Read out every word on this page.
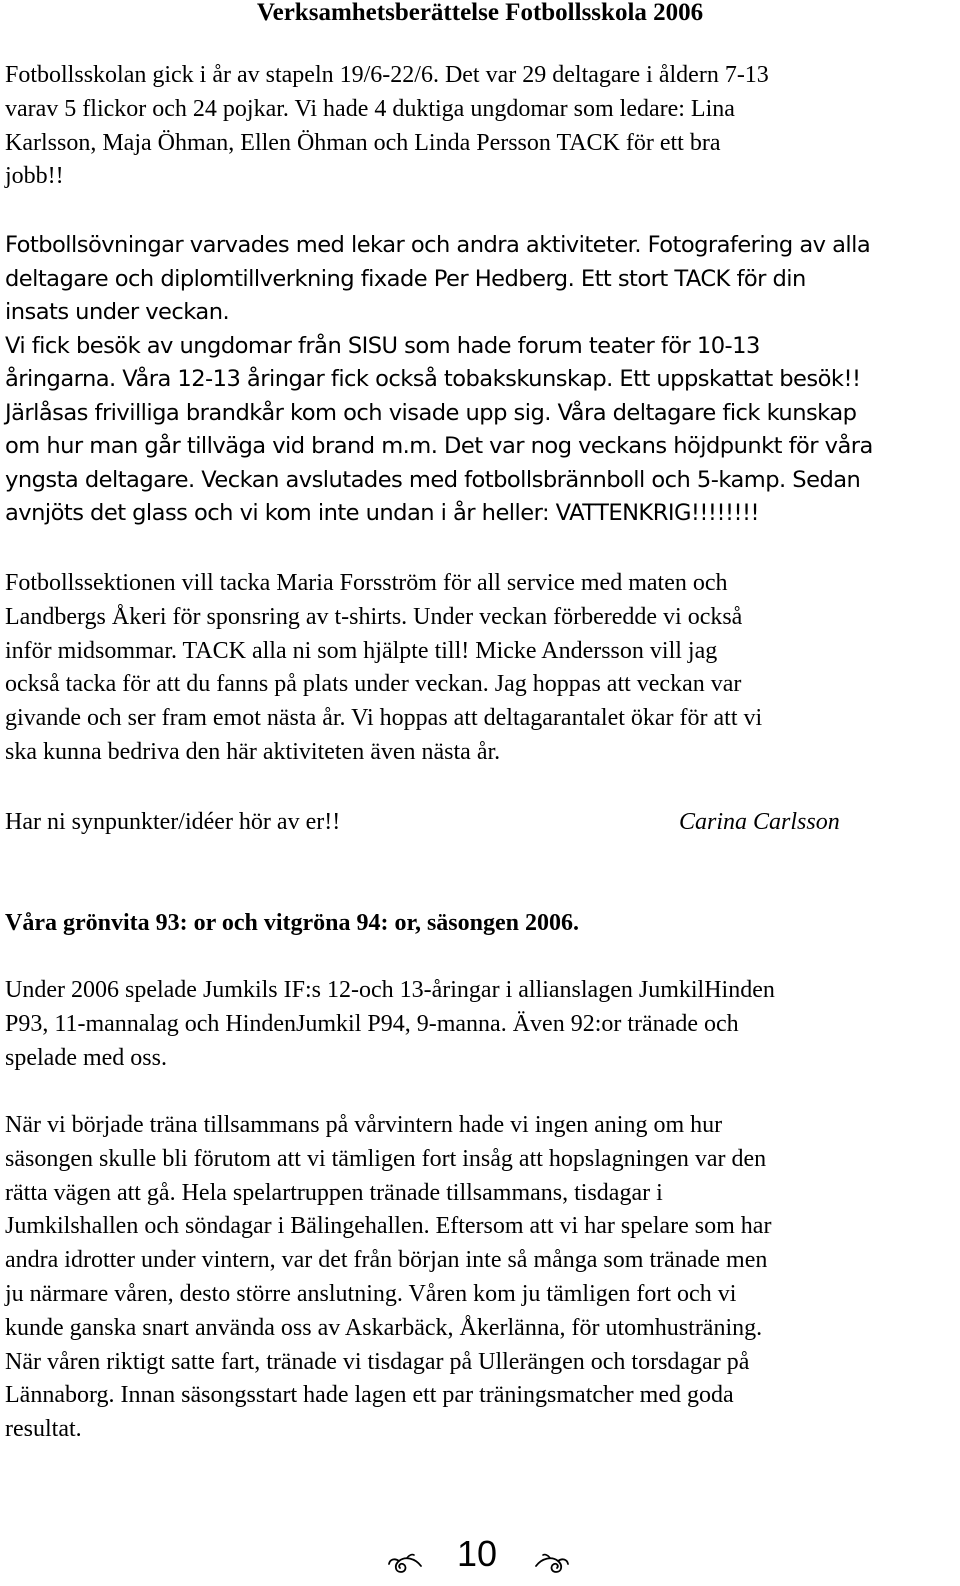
Verksamhetsberättelse Fotbollsskola 2006

Fotbollsskolan gick i år av stapeln 19/6-22/6. Det var 29 deltagare i åldern 7-13
varav 5 flickor och 24 pojkar. Vi hade 4 duktiga ungdomar som ledare: Lina
Karlsson, Maja Öhman, Ellen Öhman och Linda Persson TACK för ett bra
jobb!!

Fotbollsövningar varvades med lekar och andra aktiviteter. Fotografering av alla
deltagare och diplomtillverkning fixade Per Hedberg. Ett stort TACK för din
insats under veckan.
Vi fick besök av ungdomar från SISU som hade forum teater för 10-13
åringarna. Våra 12-13 åringar fick också tobakskunskap. Ett uppskattat besök!!
Järlåsas frivilliga brandkår kom och visade upp sig. Våra deltagare fick kunskap
om hur man går tillväga vid brand m.m. Det var nog veckans höjdpunkt för våra
yngsta deltagare. Veckan avslutades med fotbollsbrännboll och 5-kamp. Sedan
avnjöts det glass och vi kom inte undan i år heller: VATTENKRIG!!!!!!!!

Fotbollssektionen vill tacka Maria Forsström för all service med maten och
Landbergs Åkeri för sponsring av t-shirts. Under veckan förberedde vi också
inför midsommar. TACK alla ni som hjälpte till! Micke Andersson vill jag
också tacka för att du fanns på plats under veckan. Jag hoppas att veckan var
givande och ser fram emot nästa år. Vi hoppas att deltagarantalet ökar för att vi
ska kunna bedriva den här aktiviteten även nästa år.

Har ni synpunkter/idéer hör av er!!	Carina Carlsson
Våra grönvita 93: or och vitgröna 94: or, säsongen 2006.

Under 2006 spelade Jumkils IF:s 12-och 13-åringar i allianslagen JumkilHinden
P93, 11-mannalag och HindenJumkil P94, 9-manna. Även 92:or tränade och
spelade med oss.

När vi började träna tillsammans på vårvintern hade vi ingen aning om hur
säsongen skulle bli förutom att vi tämligen fort insåg att hopslagningen var den
rätta vägen att gå. Hela spelartruppen tränade tillsammans, tisdagar i
Jumkilshallen och söndagar i Bälingehallen. Eftersom att vi har spelare som har
andra idrotter under vintern, var det från början inte så många som tränade men
ju närmare våren, desto större anslutning. Våren kom ju tämligen fort och vi
kunde ganska snart använda oss av Askarbäck, Åkerlänna, för utomhusträning.
När våren riktigt satte fart, tränade vi tisdagar på Ullerängen och torsdagar på
Lännaborg. Innan säsongsstart hade lagen ett par träningsmatcher med goda
resultat.

10
